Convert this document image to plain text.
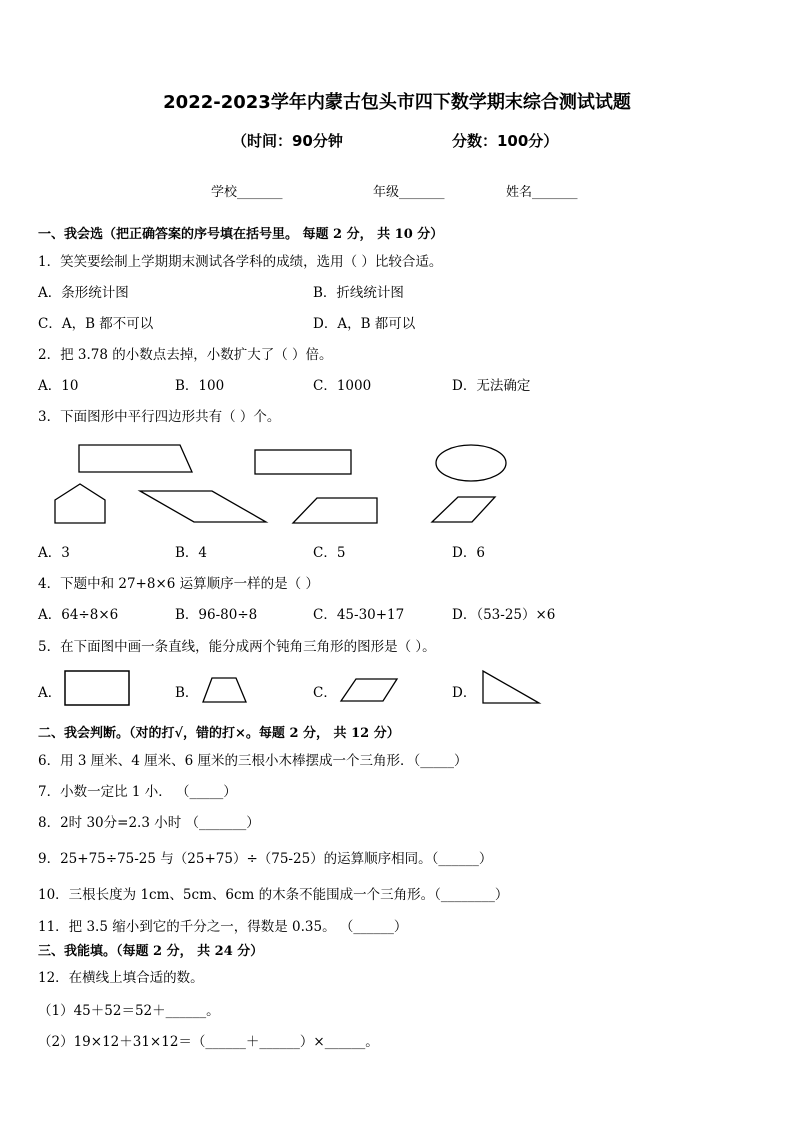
2022-2023学年内蒙古包头市四下数学期末综合测试试题
（时间：90分钟	分数：100分）
学校_______	年级_______	姓名_______
一、我会选（把正确答案的序号填在括号里。 每题 2 分， 共 10 分）
1．笑笑要绘制上学期期末测试各学科的成绩，选用（ ）比较合适。
A．条形统计图	B．折线统计图
C．A，B 都不可以	D．A，B 都可以
2．把 3.78 的小数点去掉，小数扩大了（ ）倍。
A．10	B．100	C．1000	D．无法确定
3．下面图形中平行四边形共有（ ）个。
A．3	B．4	C．5	D．6
4．下题中和 27+8×6 运算顺序一样的是（ ）
A．64÷8×6	B．96-80÷8	C．45-30+17	D．（53-25）×6
5．在下面图中画一条直线，能分成两个钝角三角形的图形是（ ）。
A．	B．	C．	D．
二、我会判断。（对的打√，错的打×。每题 2 分， 共 12 分）
6．用 3 厘米、4 厘米、6 厘米的三根小木棒摆成一个三角形．（_____）
7．小数一定比 1 小． （_____）
8．2时 30分=2.3 小时 （_______）
9．25+75÷75-25 与（25+75）÷（75-25）的运算顺序相同。（______）
10．三根长度为 1cm、5cm、6cm 的木条不能围成一个三角形。（________）
11．把 3.5 缩小到它的千分之一，得数是 0.35。 （______）
三、我能填。（每题 2 分， 共 24 分）
12．在横线上填合适的数。
（1）45＋52＝52＋______。
（2）19×12＋31×12＝（______＋______）×______。
